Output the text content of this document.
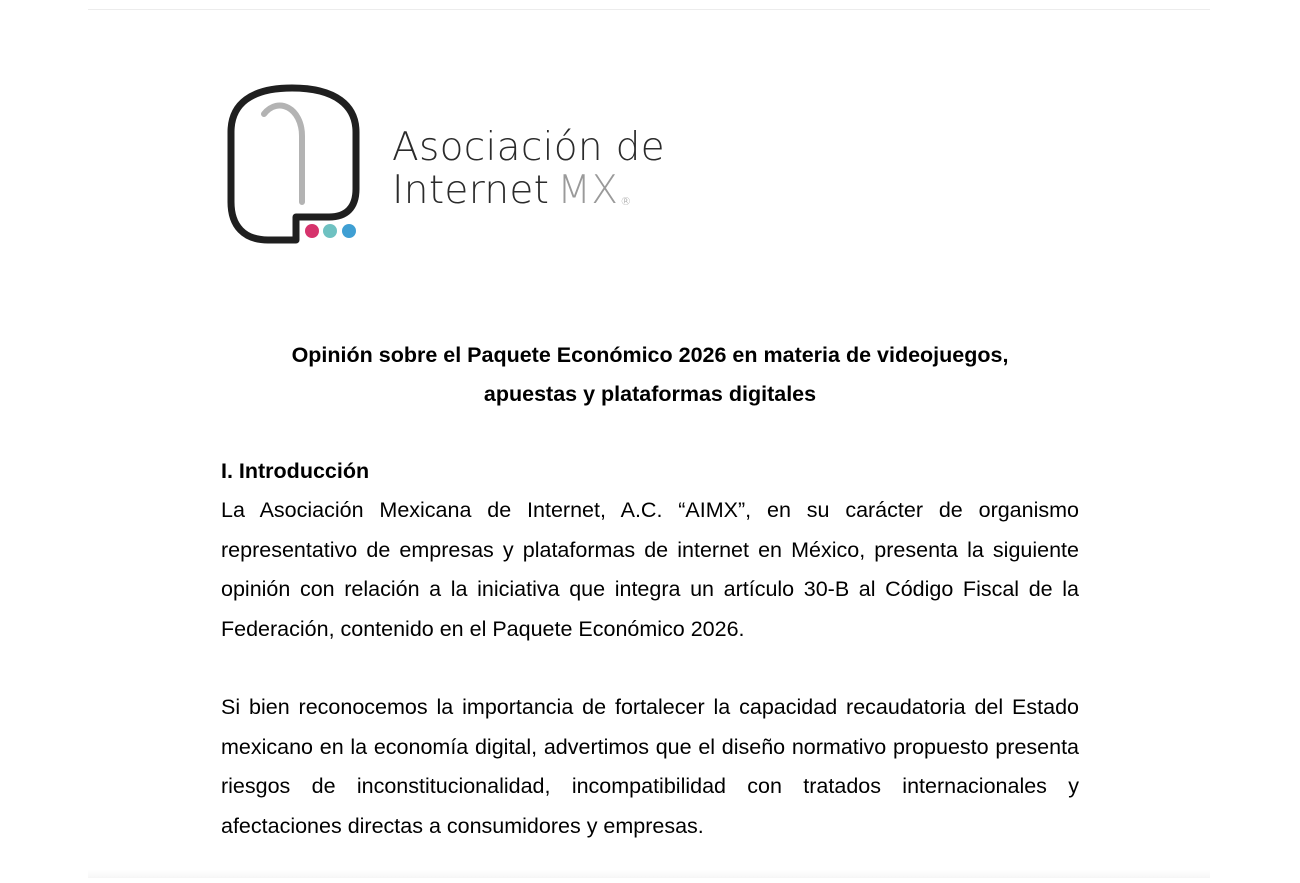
Asociación de
Internet MX ®
Opinión sobre el Paquete Económico 2026 en materia de videojuegos,
apuestas y plataformas digitales
I. Introducción

La Asociación Mexicana de Internet, A.C. “AIMX”, en su carácter de organismo representativo de empresas y plataformas de internet en México, presenta la siguiente opinión con relación a la iniciativa que integra un artículo 30-B al Código Fiscal de la Federación, contenido en el Paquete Económico 2026.

Si bien reconocemos la importancia de fortalecer la capacidad recaudatoria del Estado mexicano en la economía digital, advertimos que el diseño normativo propuesto presenta riesgos de inconstitucionalidad, incompatibilidad con tratados internacionales y afectaciones directas a consumidores y empresas.
